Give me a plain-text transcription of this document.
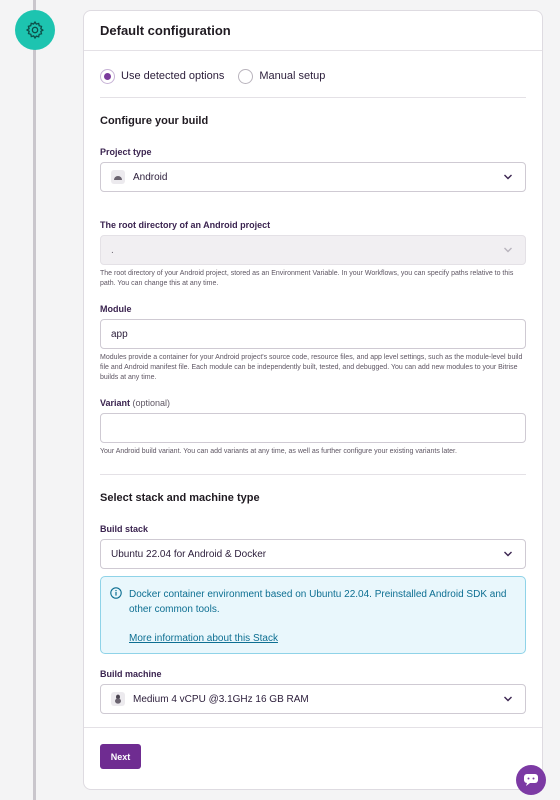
Default configuration
Use detected options	Manual setup
Configure your build
Project type
Android
The root directory of an Android project
.
The root directory of your Android project, stored as an Environment Variable. In your Workflows, you can specify paths relative to this path. You can change this at any time.
Module
app
Modules provide a container for your Android project's source code, resource files, and app level settings, such as the module-level build file and Android manifest file. Each module can be independently built, tested, and debugged. You can add new modules to your Bitrise builds at any time.
Variant (optional)
Your Android build variant. You can add variants at any time, as well as further configure your existing variants later.
Select stack and machine type
Build stack
Ubuntu 22.04 for Android & Docker
Docker container environment based on Ubuntu 22.04. Preinstalled Android SDK and other common tools.
More information about this Stack
Build machine
Medium 4 vCPU @3.1GHz 16 GB RAM
Next
